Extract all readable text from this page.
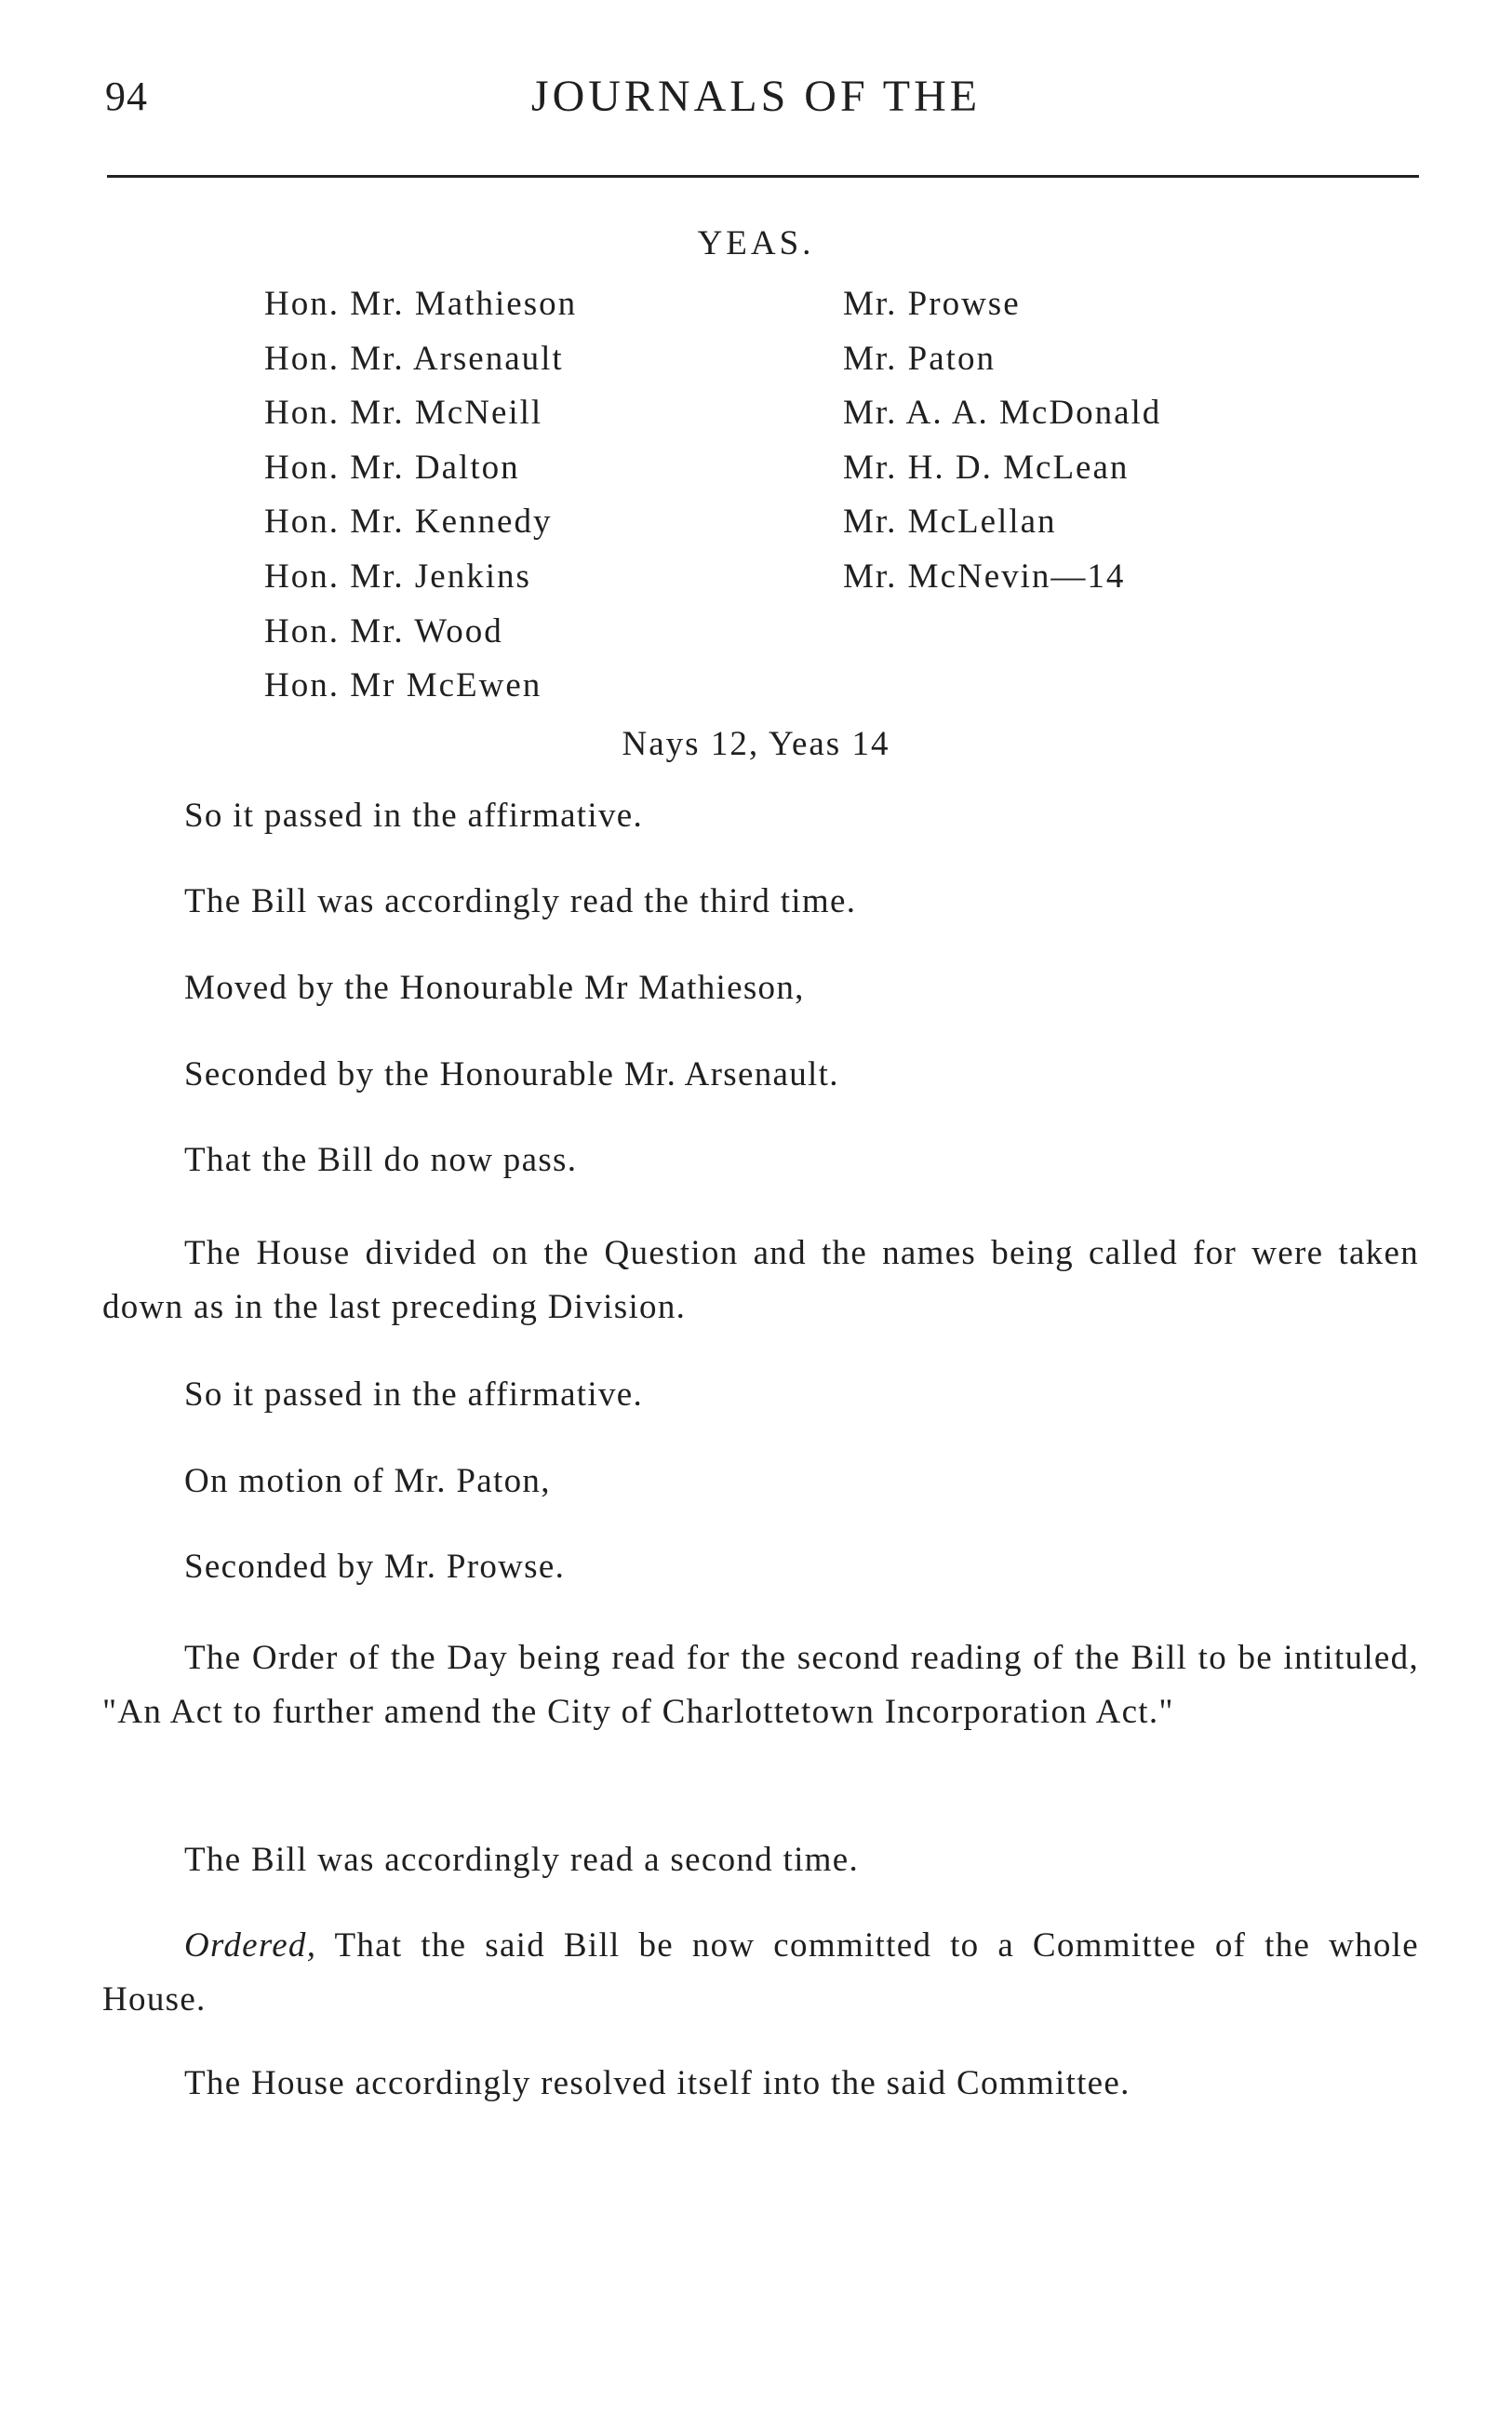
94	JOURNALS OF THE
YEAS.
Hon. Mr. Mathieson
Hon. Mr. Arsenault
Hon. Mr. McNeill
Hon. Mr. Dalton
Hon. Mr. Kennedy
Hon. Mr. Jenkins
Hon. Mr. Wood
Hon. Mr McEwen
Mr. Prowse
Mr. Paton
Mr. A. A. McDonald
Mr. H. D. McLean
Mr. McLellan
Mr. McNevin—14
Nays 12, Yeas 14

So it passed in the affirmative.

The Bill was accordingly read the third time.

Moved by the Honourable Mr Mathieson,

Seconded by the Honourable Mr. Arsenault.

That the Bill do now pass.

The House divided on the Question and the names being called for were taken down as in the last preceding Division.

So it passed in the affirmative.

On motion of Mr. Paton,

Seconded by Mr. Prowse.

The Order of the Day being read for the second reading of the Bill to be intituled, "An Act to further amend the City of Charlottetown Incorporation Act."

The Bill was accordingly read a second time.

Ordered, That the said Bill be now committed to a Committee of the whole House.

The House accordingly resolved itself into the said Committee.
